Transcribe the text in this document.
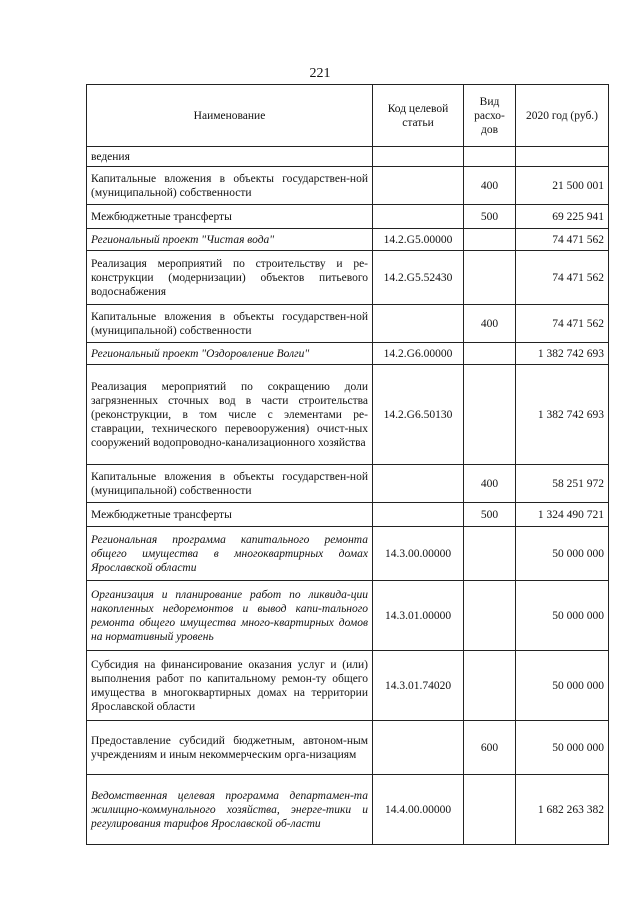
221
Наименование	Код целевой статьи	Вид расхо-дов	2020 год (руб.)
ведения			
Капитальные вложения в объекты государствен-ной (муниципальной) собственности		400	21 500 001
Межбюджетные трансферты		500	69 225 941
Региональный проект "Чистая вода"	14.2.G5.00000		74 471 562
Реализация мероприятий по строительству и ре-конструкции (модернизации) объектов питьевого водоснабжения	14.2.G5.52430		74 471 562
Капитальные вложения в объекты государствен-ной (муниципальной) собственности		400	74 471 562
Региональный проект "Оздоровление Волги"	14.2.G6.00000		1 382 742 693
Реализация мероприятий по сокращению доли загрязненных сточных вод в части строительства (реконструкции, в том числе с элементами ре-ставрации, технического перевооружения) очист-ных сооружений водопроводно-канализационного хозяйства	14.2.G6.50130		1 382 742 693
Капитальные вложения в объекты государствен-ной (муниципальной) собственности		400	58 251 972
Межбюджетные трансферты		500	1 324 490 721
Региональная программа капитального ремонта общего имущества в многоквартирных домах Ярославской области	14.3.00.00000		50 000 000
Организация и планирование работ по ликвида-ции накопленных недоремонтов и вывод капи-тального ремонта общего имущества много-квартирных домов на нормативный уровень	14.3.01.00000		50 000 000
Субсидия на финансирование оказания услуг и (или) выполнения работ по капитальному ремон-ту общего имущества в многоквартирных домах на территории Ярославской области	14.3.01.74020		50 000 000
Предоставление субсидий бюджетным, автоном-ным учреждениям и иным некоммерческим орга-низациям		600	50 000 000
Ведомственная целевая программа департамен-та жилищно-коммунального хозяйства, энерге-тики и регулирования тарифов Ярославской об-ласти	14.4.00.00000		1 682 263 382
